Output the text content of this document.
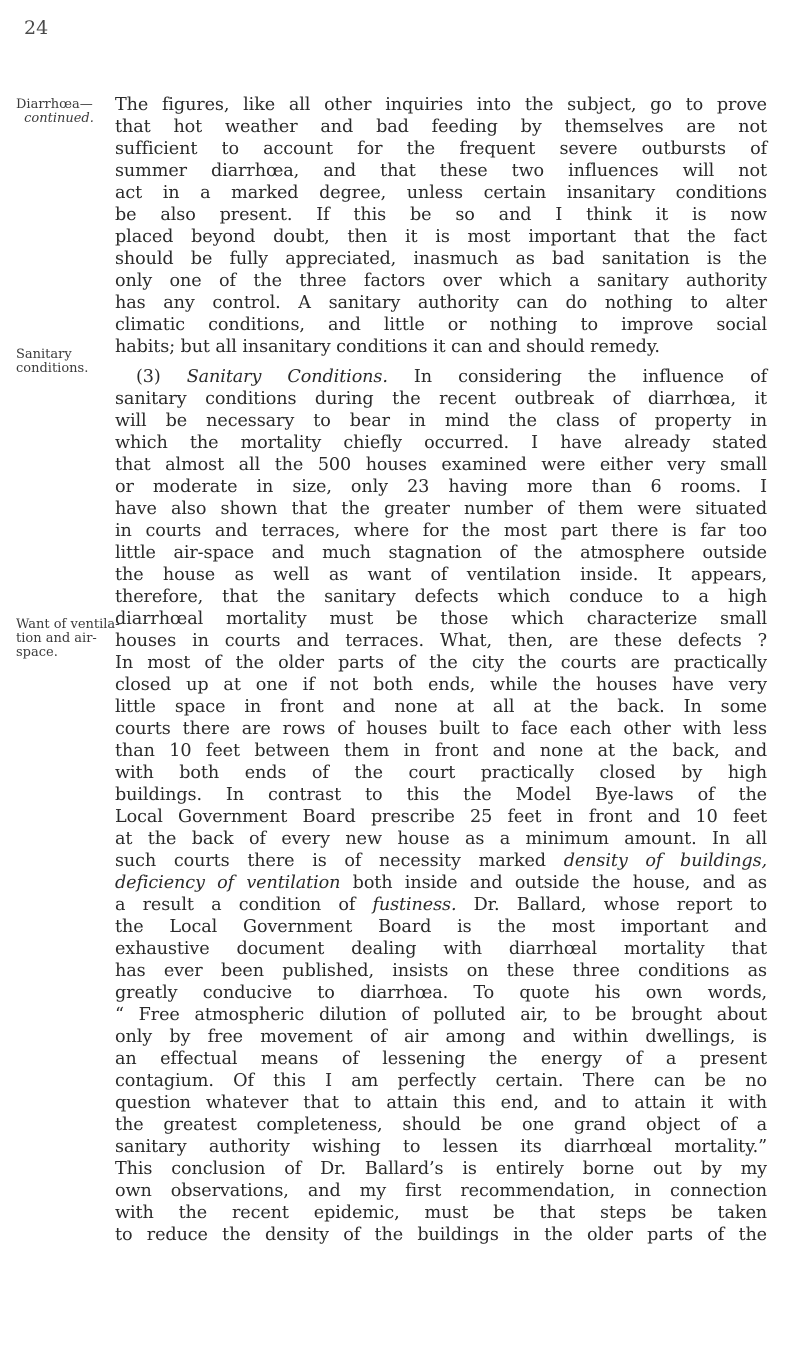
24
Diarrhœa—
continued.
Sanitary
conditions.
Want of ventila-
tion and air-
space.
The figures, like all other inquiries into the subject, go to prove
that hot weather and bad feeding by themselves are not
sufficient to account for the frequent severe outbursts of
summer diarrhœa, and that these two influences will not
act in a marked degree, unless certain insanitary conditions
be also present. If this be so and I think it is now
placed beyond doubt, then it is most important that the fact
should be fully appreciated, inasmuch as bad sanitation is the
only one of the three factors over which a sanitary authority
has any control. A sanitary authority can do nothing to alter
climatic conditions, and little or nothing to improve social
habits; but all insanitary conditions it can and should remedy.
(3) Sanitary Conditions. In considering the influence of
sanitary conditions during the recent outbreak of diarrhœa, it
will be necessary to bear in mind the class of property in
which the mortality chiefly occurred. I have already stated
that almost all the 500 houses examined were either very small
or moderate in size, only 23 having more than 6 rooms. I
have also shown that the greater number of them were situated
in courts and terraces, where for the most part there is far too
little air-space and much stagnation of the atmosphere outside
the house as well as want of ventilation inside. It appears,
therefore, that the sanitary defects which conduce to a high
diarrhœal mortality must be those which characterize small
houses in courts and terraces. What, then, are these defects ?
In most of the older parts of the city the courts are practically
closed up at one if not both ends, while the houses have very
little space in front and none at all at the back. In some
courts there are rows of houses built to face each other with less
than 10 feet between them in front and none at the back, and
with both ends of the court practically closed by high
buildings. In contrast to this the Model Bye-laws of the
Local Government Board prescribe 25 feet in front and 10 feet
at the back of every new house as a minimum amount. In all
such courts there is of necessity marked density of buildings,
deficiency of ventilation both inside and outside the house, and as
a result a condition of fustiness. Dr. Ballard, whose report to
the Local Government Board is the most important and
exhaustive document dealing with diarrhœal mortality that
has ever been published, insists on these three conditions as
greatly conducive to diarrhœa. To quote his own words,
“ Free atmospheric dilution of polluted air, to be brought about
only by free movement of air among and within dwellings, is
an effectual means of lessening the energy of a present
contagium. Of this I am perfectly certain. There can be no
question whatever that to attain this end, and to attain it with
the greatest completeness, should be one grand object of a
sanitary authority wishing to lessen its diarrhœal mortality.”
This conclusion of Dr. Ballard’s is entirely borne out by my
own observations, and my first recommendation, in connection
with the recent epidemic, must be that steps be taken
to reduce the density of the buildings in the older parts of the
